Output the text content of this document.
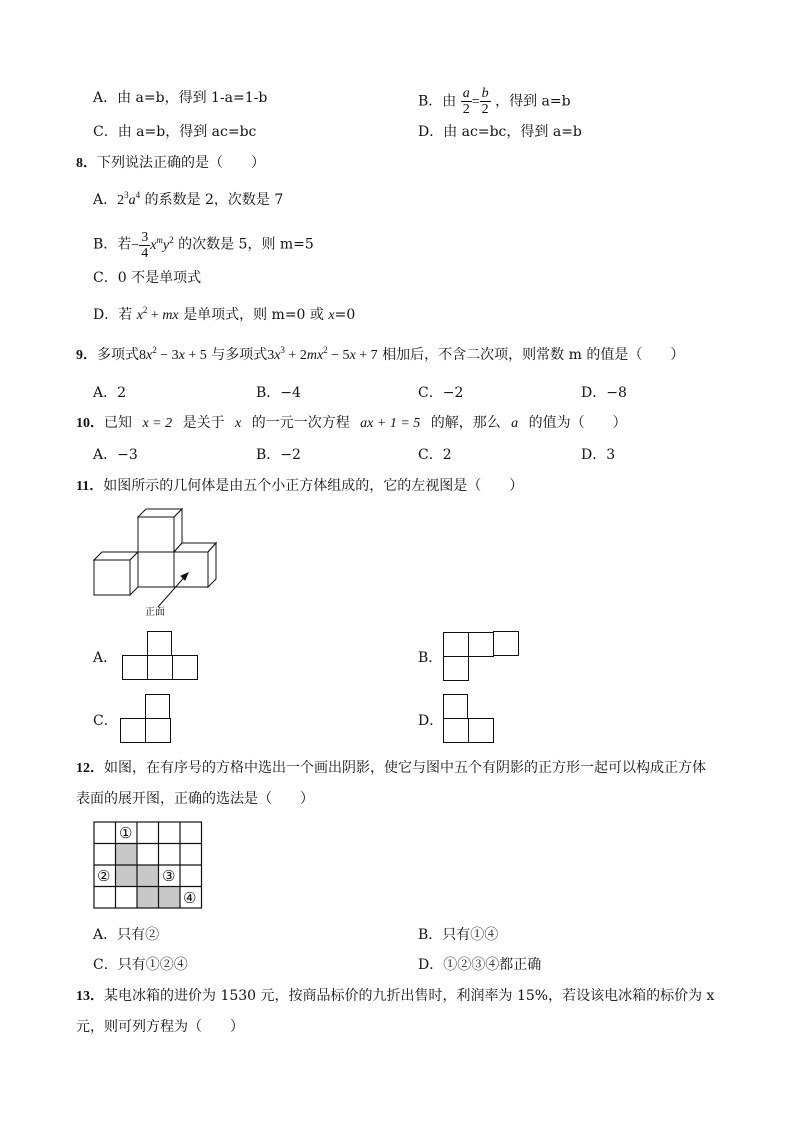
A．由 a=b，得到 1-a=1-b	B．由 $\frac{a}{2} = \frac{b}{2}$ ，得到 a=b
C．由 a=b，得到 ac=bc	D．由 ac=bc，得到 a=b
8．下列说法正确的是（　　）
A．$2^3a^4$ 的系数是 2，次数是 7
B．若− $\frac{3}{4} x^my^2$ 的次数是 5，则 m=5
C．0 不是单项式
D．若 $x^2$ + mx 是单项式，则 m=0 或 x=0
9．多项式$8x^2 - 3x + 5$ 与多项式$3x^3 + 2mx^2 - 5x + 7$ 相加后，不含二次项，则常数 m 的值是（　　）
A．2	B．−4	C．−2	D．−8
10．已知 x = 2 是关于 x 的一元一次方程 ax + 1 = 5 的解，那么 a 的值为（　　）
A．−3	B．−2	C．2	D．3
11．如图所示的几何体是由五个小正方体组成的，它的左视图是（　　）
正面
A．	B．
C．	D．
12．如图，在有序号的方格中选出一个画出阴影，使它与图中五个有阴影的正方形一起可以构成正方体
表面的展开图，正确的选法是（　　）
①
②	③
④
A．只有②	B．只有①④
C．只有①②④	D．①②③④都正确
13．某电冰箱的进价为 1530 元，按商品标价的九折出售时，利润率为 15%，若设该电冰箱的标价为 x
元，则可列方程为（　　）
